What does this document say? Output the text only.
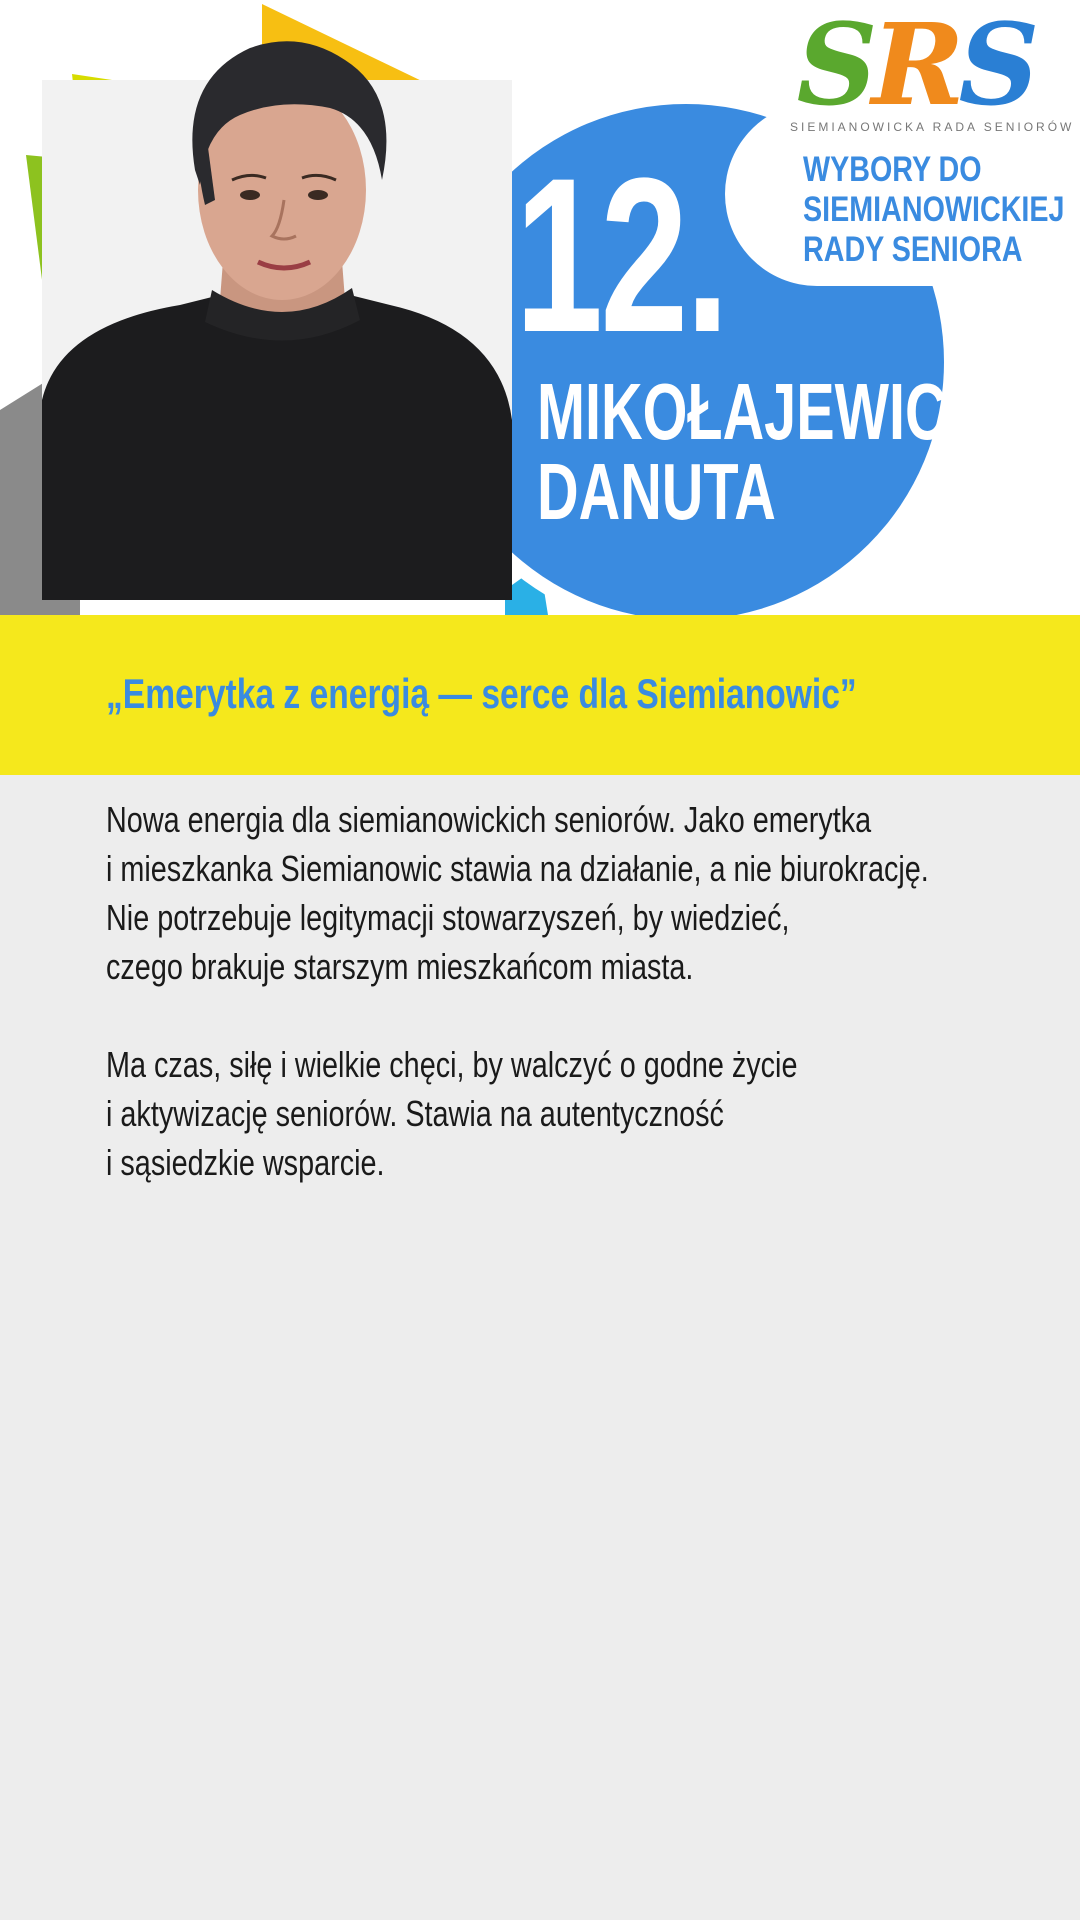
SRS
SIEMIANOWICKA RADA SENIORÓW
WYBORY DO
SIEMIANOWICKIEJ
RADY SENIORA
12.
MIKOŁAJEWICZ
DANUTA
„Emerytka z energią — serce dla Siemianowic”

Nowa energia dla siemianowickich seniorów. Jako emerytka
i mieszkanka Siemianowic stawia na działanie, a nie biurokrację.
Nie potrzebuje legitymacji stowarzyszeń, by wiedzieć,
czego brakuje starszym mieszkańcom miasta.

Ma czas, siłę i wielkie chęci, by walczyć o godne życie
i aktywizację seniorów. Stawia na autentyczność
i sąsiedzkie wsparcie.
